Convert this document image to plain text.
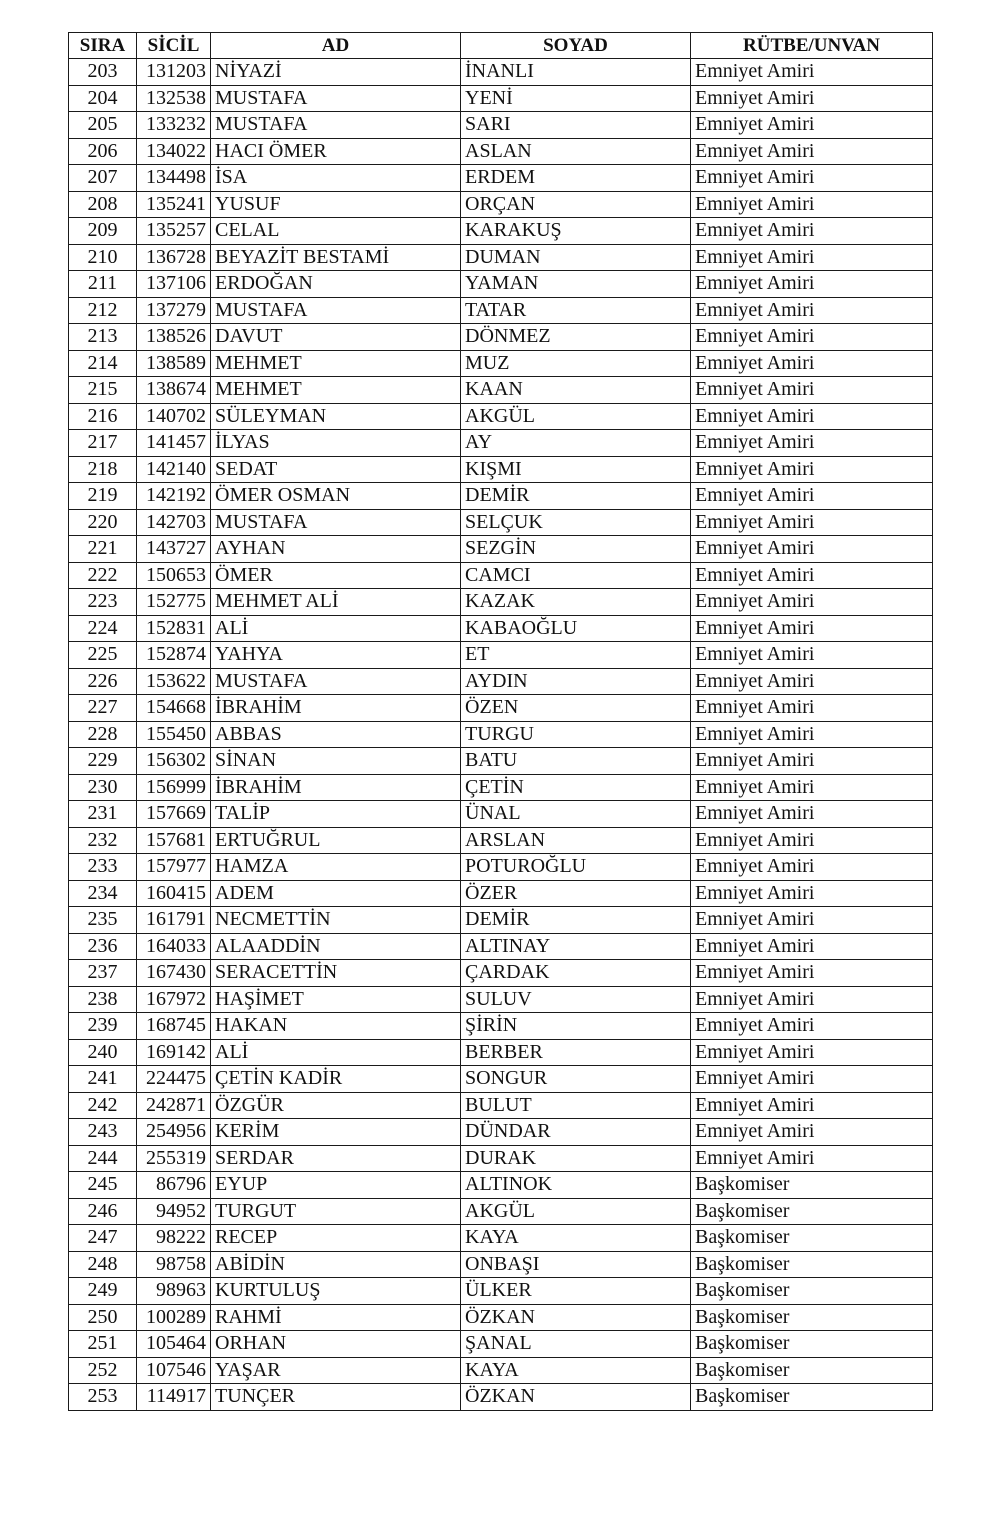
SIRA	SİCİL	AD	SOYAD	RÜTBE/UNVAN
203	131203	NİYAZİ	İNANLI	Emniyet Amiri
204	132538	MUSTAFA	YENİ	Emniyet Amiri
205	133232	MUSTAFA	SARI	Emniyet Amiri
206	134022	HACI ÖMER	ASLAN	Emniyet Amiri
207	134498	İSA	ERDEM	Emniyet Amiri
208	135241	YUSUF	ORÇAN	Emniyet Amiri
209	135257	CELAL	KARAKUŞ	Emniyet Amiri
210	136728	BEYAZİT BESTAMİ	DUMAN	Emniyet Amiri
211	137106	ERDOĞAN	YAMAN	Emniyet Amiri
212	137279	MUSTAFA	TATAR	Emniyet Amiri
213	138526	DAVUT	DÖNMEZ	Emniyet Amiri
214	138589	MEHMET	MUZ	Emniyet Amiri
215	138674	MEHMET	KAAN	Emniyet Amiri
216	140702	SÜLEYMAN	AKGÜL	Emniyet Amiri
217	141457	İLYAS	AY	Emniyet Amiri
218	142140	SEDAT	KIŞMI	Emniyet Amiri
219	142192	ÖMER OSMAN	DEMİR	Emniyet Amiri
220	142703	MUSTAFA	SELÇUK	Emniyet Amiri
221	143727	AYHAN	SEZGİN	Emniyet Amiri
222	150653	ÖMER	CAMCI	Emniyet Amiri
223	152775	MEHMET ALİ	KAZAK	Emniyet Amiri
224	152831	ALİ	KABAOĞLU	Emniyet Amiri
225	152874	YAHYA	ET	Emniyet Amiri
226	153622	MUSTAFA	AYDIN	Emniyet Amiri
227	154668	İBRAHİM	ÖZEN	Emniyet Amiri
228	155450	ABBAS	TURGU	Emniyet Amiri
229	156302	SİNAN	BATU	Emniyet Amiri
230	156999	İBRAHİM	ÇETİN	Emniyet Amiri
231	157669	TALİP	ÜNAL	Emniyet Amiri
232	157681	ERTUĞRUL	ARSLAN	Emniyet Amiri
233	157977	HAMZA	POTUROĞLU	Emniyet Amiri
234	160415	ADEM	ÖZER	Emniyet Amiri
235	161791	NECMETTİN	DEMİR	Emniyet Amiri
236	164033	ALAADDİN	ALTINAY	Emniyet Amiri
237	167430	SERACETTİN	ÇARDAK	Emniyet Amiri
238	167972	HAŞİMET	SULUV	Emniyet Amiri
239	168745	HAKAN	ŞİRİN	Emniyet Amiri
240	169142	ALİ	BERBER	Emniyet Amiri
241	224475	ÇETİN KADİR	SONGUR	Emniyet Amiri
242	242871	ÖZGÜR	BULUT	Emniyet Amiri
243	254956	KERİM	DÜNDAR	Emniyet Amiri
244	255319	SERDAR	DURAK	Emniyet Amiri
245	86796	EYUP	ALTINOK	Başkomiser
246	94952	TURGUT	AKGÜL	Başkomiser
247	98222	RECEP	KAYA	Başkomiser
248	98758	ABİDİN	ONBAŞI	Başkomiser
249	98963	KURTULUŞ	ÜLKER	Başkomiser
250	100289	RAHMİ	ÖZKAN	Başkomiser
251	105464	ORHAN	ŞANAL	Başkomiser
252	107546	YAŞAR	KAYA	Başkomiser
253	114917	TUNÇER	ÖZKAN	Başkomiser
